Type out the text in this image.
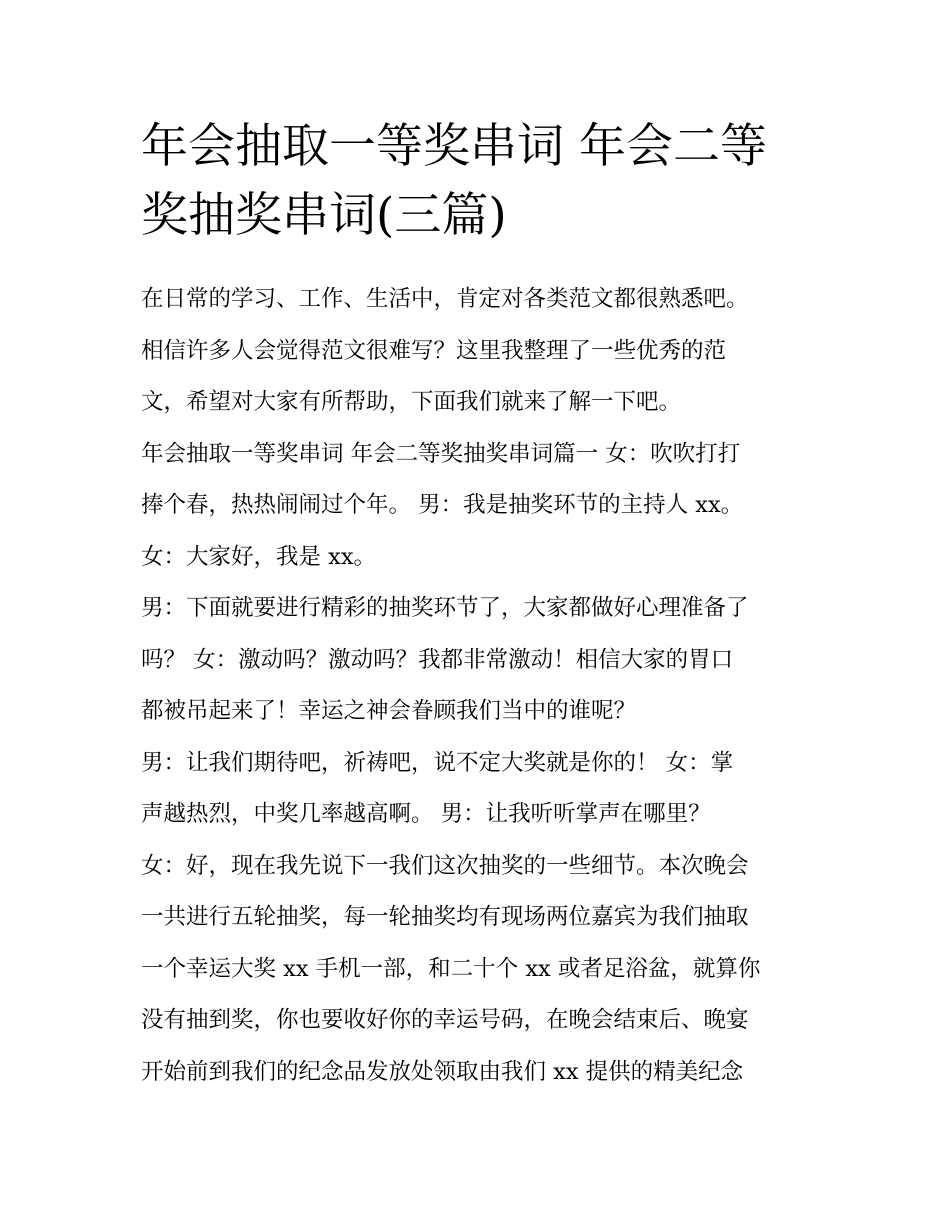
年会抽取一等奖串词 年会二等
奖抽奖串词(三篇)

在日常的学习、工作、生活中，肯定对各类范文都很熟悉吧。
相信许多人会觉得范文很难写？这里我整理了一些优秀的范
文，希望对大家有所帮助，下面我们就来了解一下吧。

年会抽取一等奖串词 年会二等奖抽奖串词篇一 女：吹吹打打
捧个春，热热闹闹过个年。 男：我是抽奖环节的主持人 xx。

女：大家好，我是 xx。

男：下面就要进行精彩的抽奖环节了，大家都做好心理准备了
吗？ 女：激动吗？激动吗？我都非常激动！相信大家的胃口
都被吊起来了！幸运之神会眷顾我们当中的谁呢？

男：让我们期待吧，祈祷吧，说不定大奖就是你的！ 女：掌
声越热烈，中奖几率越高啊。 男：让我听听掌声在哪里？

女：好，现在我先说下一我们这次抽奖的一些细节。本次晚会
一共进行五轮抽奖，每一轮抽奖均有现场两位嘉宾为我们抽取
一个幸运大奖 xx 手机一部，和二十个 xx 或者足浴盆，就算你
没有抽到奖，你也要收好你的幸运号码，在晚会结束后、晚宴
开始前到我们的纪念品发放处领取由我们 xx 提供的精美纪念
